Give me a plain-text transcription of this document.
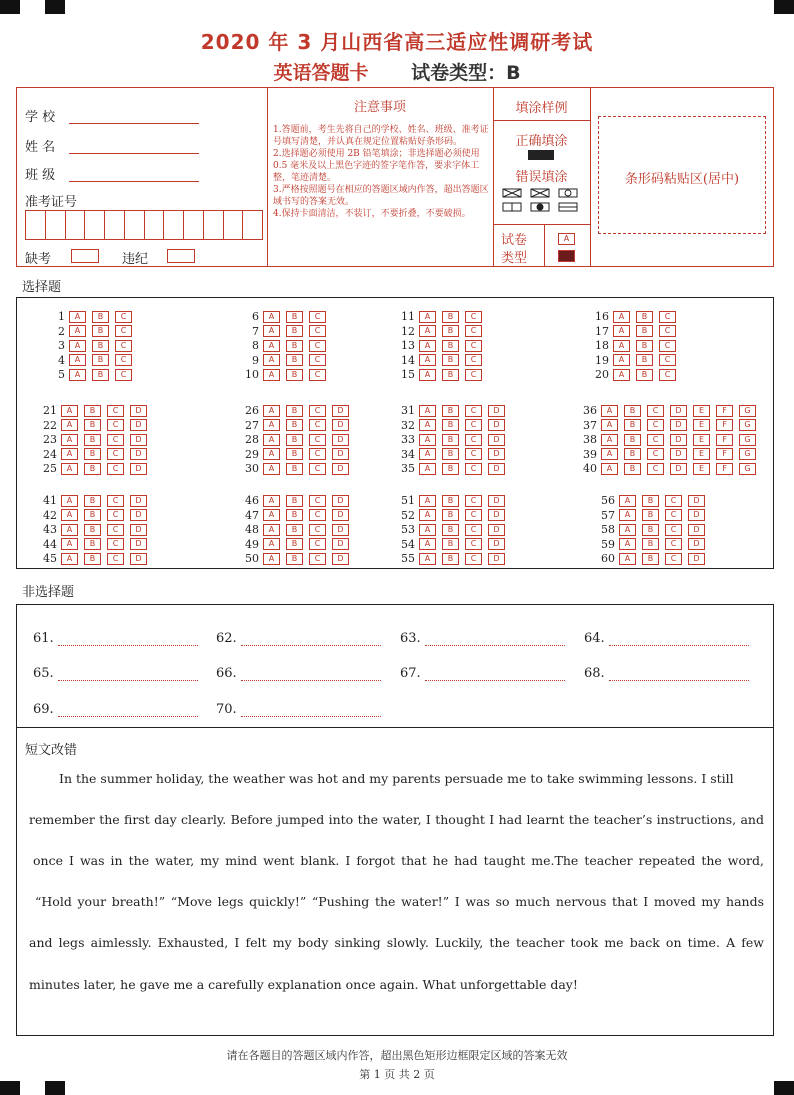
2020 年 3 月山西省高三适应性调研考试
英语答题卡 试卷类型：B
学 校
姓 名
班 级
准考证号
缺考	违纪
注意事项

1.答题前，考生先将自己的学校、姓名、班级、准考证号填写清楚，并认真在规定位置粘贴好条形码。

2.选择题必须使用 2B 铅笔填涂；非选择题必须使用 0.5 毫米及以上黑色字迹的签字笔作答，要求字体工整，笔迹清楚。

3.严格按照题号在相应的答题区域内作答，超出答题区域书写的答案无效。

4.保持卡面清洁，不装订，不要折叠，不要破损。

填涂样例
正确填涂
错误填涂
试卷
类型
A
B
条形码粘贴区(居中)
选择题
1	A	B	C
2	A	B	C
3	A	B	C
4	A	B	C
5	A	B	C
6	A	B	C
7	A	B	C
8	A	B	C
9	A	B	C
10	A	B	C
11	A	B	C
12	A	B	C
13	A	B	C
14	A	B	C
15	A	B	C
16	A	B	C
17	A	B	C
18	A	B	C
19	A	B	C
20	A	B	C
21	A	B	C	D
22	A	B	C	D
23	A	B	C	D
24	A	B	C	D
25	A	B	C	D
26	A	B	C	D
27	A	B	C	D
28	A	B	C	D
29	A	B	C	D
30	A	B	C	D
31	A	B	C	D
32	A	B	C	D
33	A	B	C	D
34	A	B	C	D
35	A	B	C	D
36	A	B	C	D	E	F	G
37	A	B	C	D	E	F	G
38	A	B	C	D	E	F	G
39	A	B	C	D	E	F	G
40	A	B	C	D	E	F	G
41	A	B	C	D
42	A	B	C	D
43	A	B	C	D
44	A	B	C	D
45	A	B	C	D
46	A	B	C	D
47	A	B	C	D
48	A	B	C	D
49	A	B	C	D
50	A	B	C	D
51	A	B	C	D
52	A	B	C	D
53	A	B	C	D
54	A	B	C	D
55	A	B	C	D
56	A	B	C	D
57	A	B	C	D
58	A	B	C	D
59	A	B	C	D
60	A	B	C	D
非选择题
61.	62.	63.	64.
65.	66.	67.	68.
69.	70.
短文改错
In the summer holiday, the weather was hot and my parents persuade me to take swimming lessons. I still
remember the first day clearly. Before jumped into the water, I thought I had learnt the teacher’s instructions, and
once I was in the water, my mind went blank. I forgot that he had taught me.The teacher repeated the word,
“Hold your breath!” “Move legs quickly!” “Pushing the water!” I was so much nervous that I moved my hands
and legs aimlessly. Exhausted, I felt my body sinking slowly. Luckily, the teacher took me back on time. A few
minutes later, he gave me a carefully explanation once again. What unforgettable day!
请在各题目的答题区域内作答，超出黑色矩形边框限定区域的答案无效
第 1 页 共 2 页
